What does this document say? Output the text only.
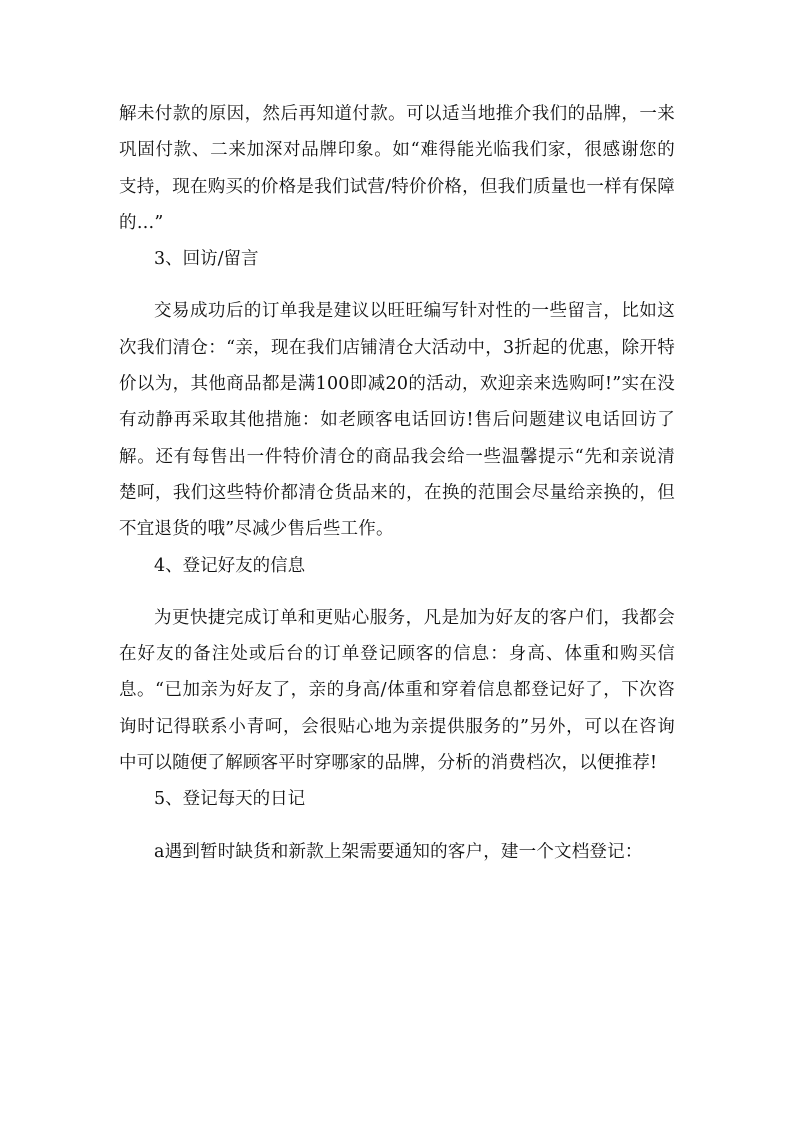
解未付款的原因，然后再知道付款。可以适当地推介我们的品牌，一来巩固付款、二来加深对品牌印象。如“难得能光临我们家，很感谢您的支持，现在购买的价格是我们试营/特价价格，但我们质量也一样有保障的…”

3、回访/留言

交易成功后的订单我是建议以旺旺编写针对性的一些留言，比如这次我们清仓：“亲，现在我们店铺清仓大活动中，3折起的优惠，除开特价以为，其他商品都是满100即减20的活动，欢迎亲来选购呵!”实在没有动静再采取其他措施：如老顾客电话回访!售后问题建议电话回访了解。还有每售出一件特价清仓的商品我会给一些温馨提示“先和亲说清楚呵，我们这些特价都清仓货品来的，在换的范围会尽量给亲换的，但不宜退货的哦”尽减少售后些工作。

4、登记好友的信息

为更快捷完成订单和更贴心服务，凡是加为好友的客户们，我都会在好友的备注处或后台的订单登记顾客的信息：身高、体重和购买信息。“已加亲为好友了，亲的身高/体重和穿着信息都登记好了，下次咨询时记得联系小青呵，会很贴心地为亲提供服务的”另外，可以在咨询中可以随便了解顾客平时穿哪家的品牌，分析的消费档次，以便推荐!

5、登记每天的日记

a遇到暂时缺货和新款上架需要通知的客户，建一个文档登记：
